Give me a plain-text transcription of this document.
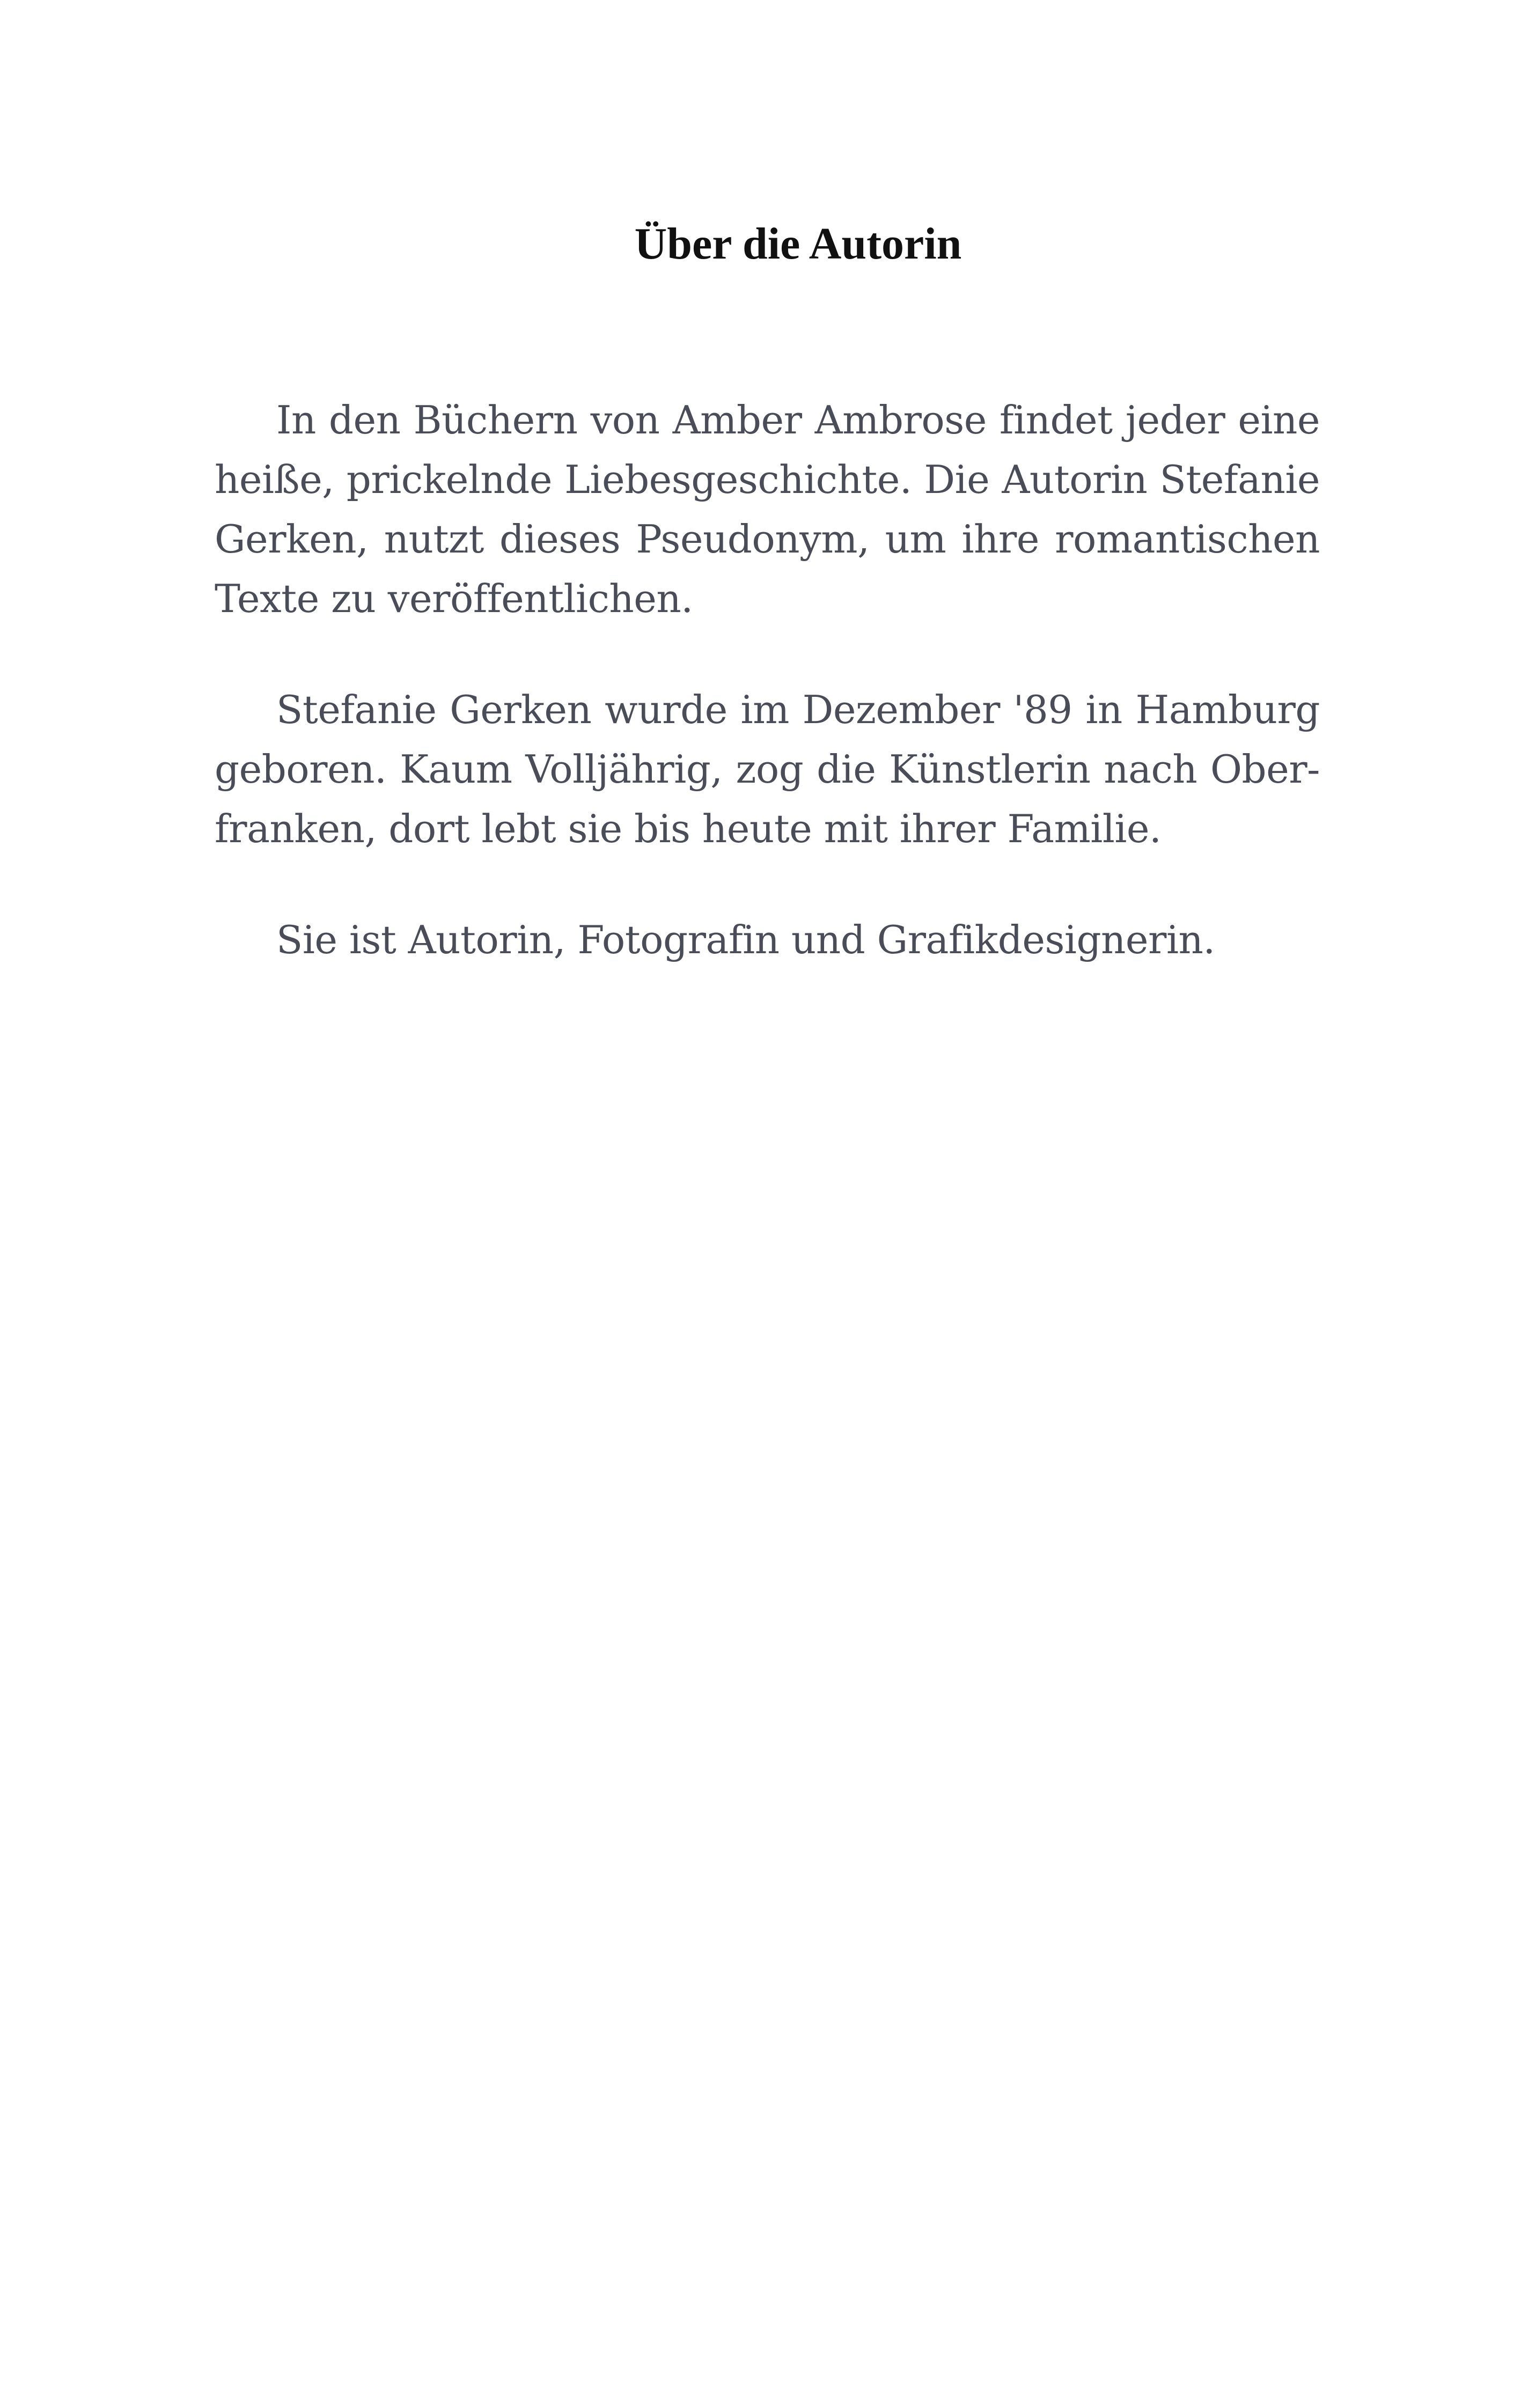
Über die Autorin

In den Büchern von Amber Ambrose findet jeder eine
heiße, prickelnde Liebesgeschichte. Die Autorin Stefanie
Gerken, nutzt dieses Pseudonym, um ihre romantischen
Texte zu veröffentlichen.

Stefanie Gerken wurde im Dezember '89 in Hamburg
geboren. Kaum Volljährig, zog die Künstlerin nach Ober-
franken, dort lebt sie bis heute mit ihrer Familie.

Sie ist Autorin, Fotografin und Grafikdesignerin.
